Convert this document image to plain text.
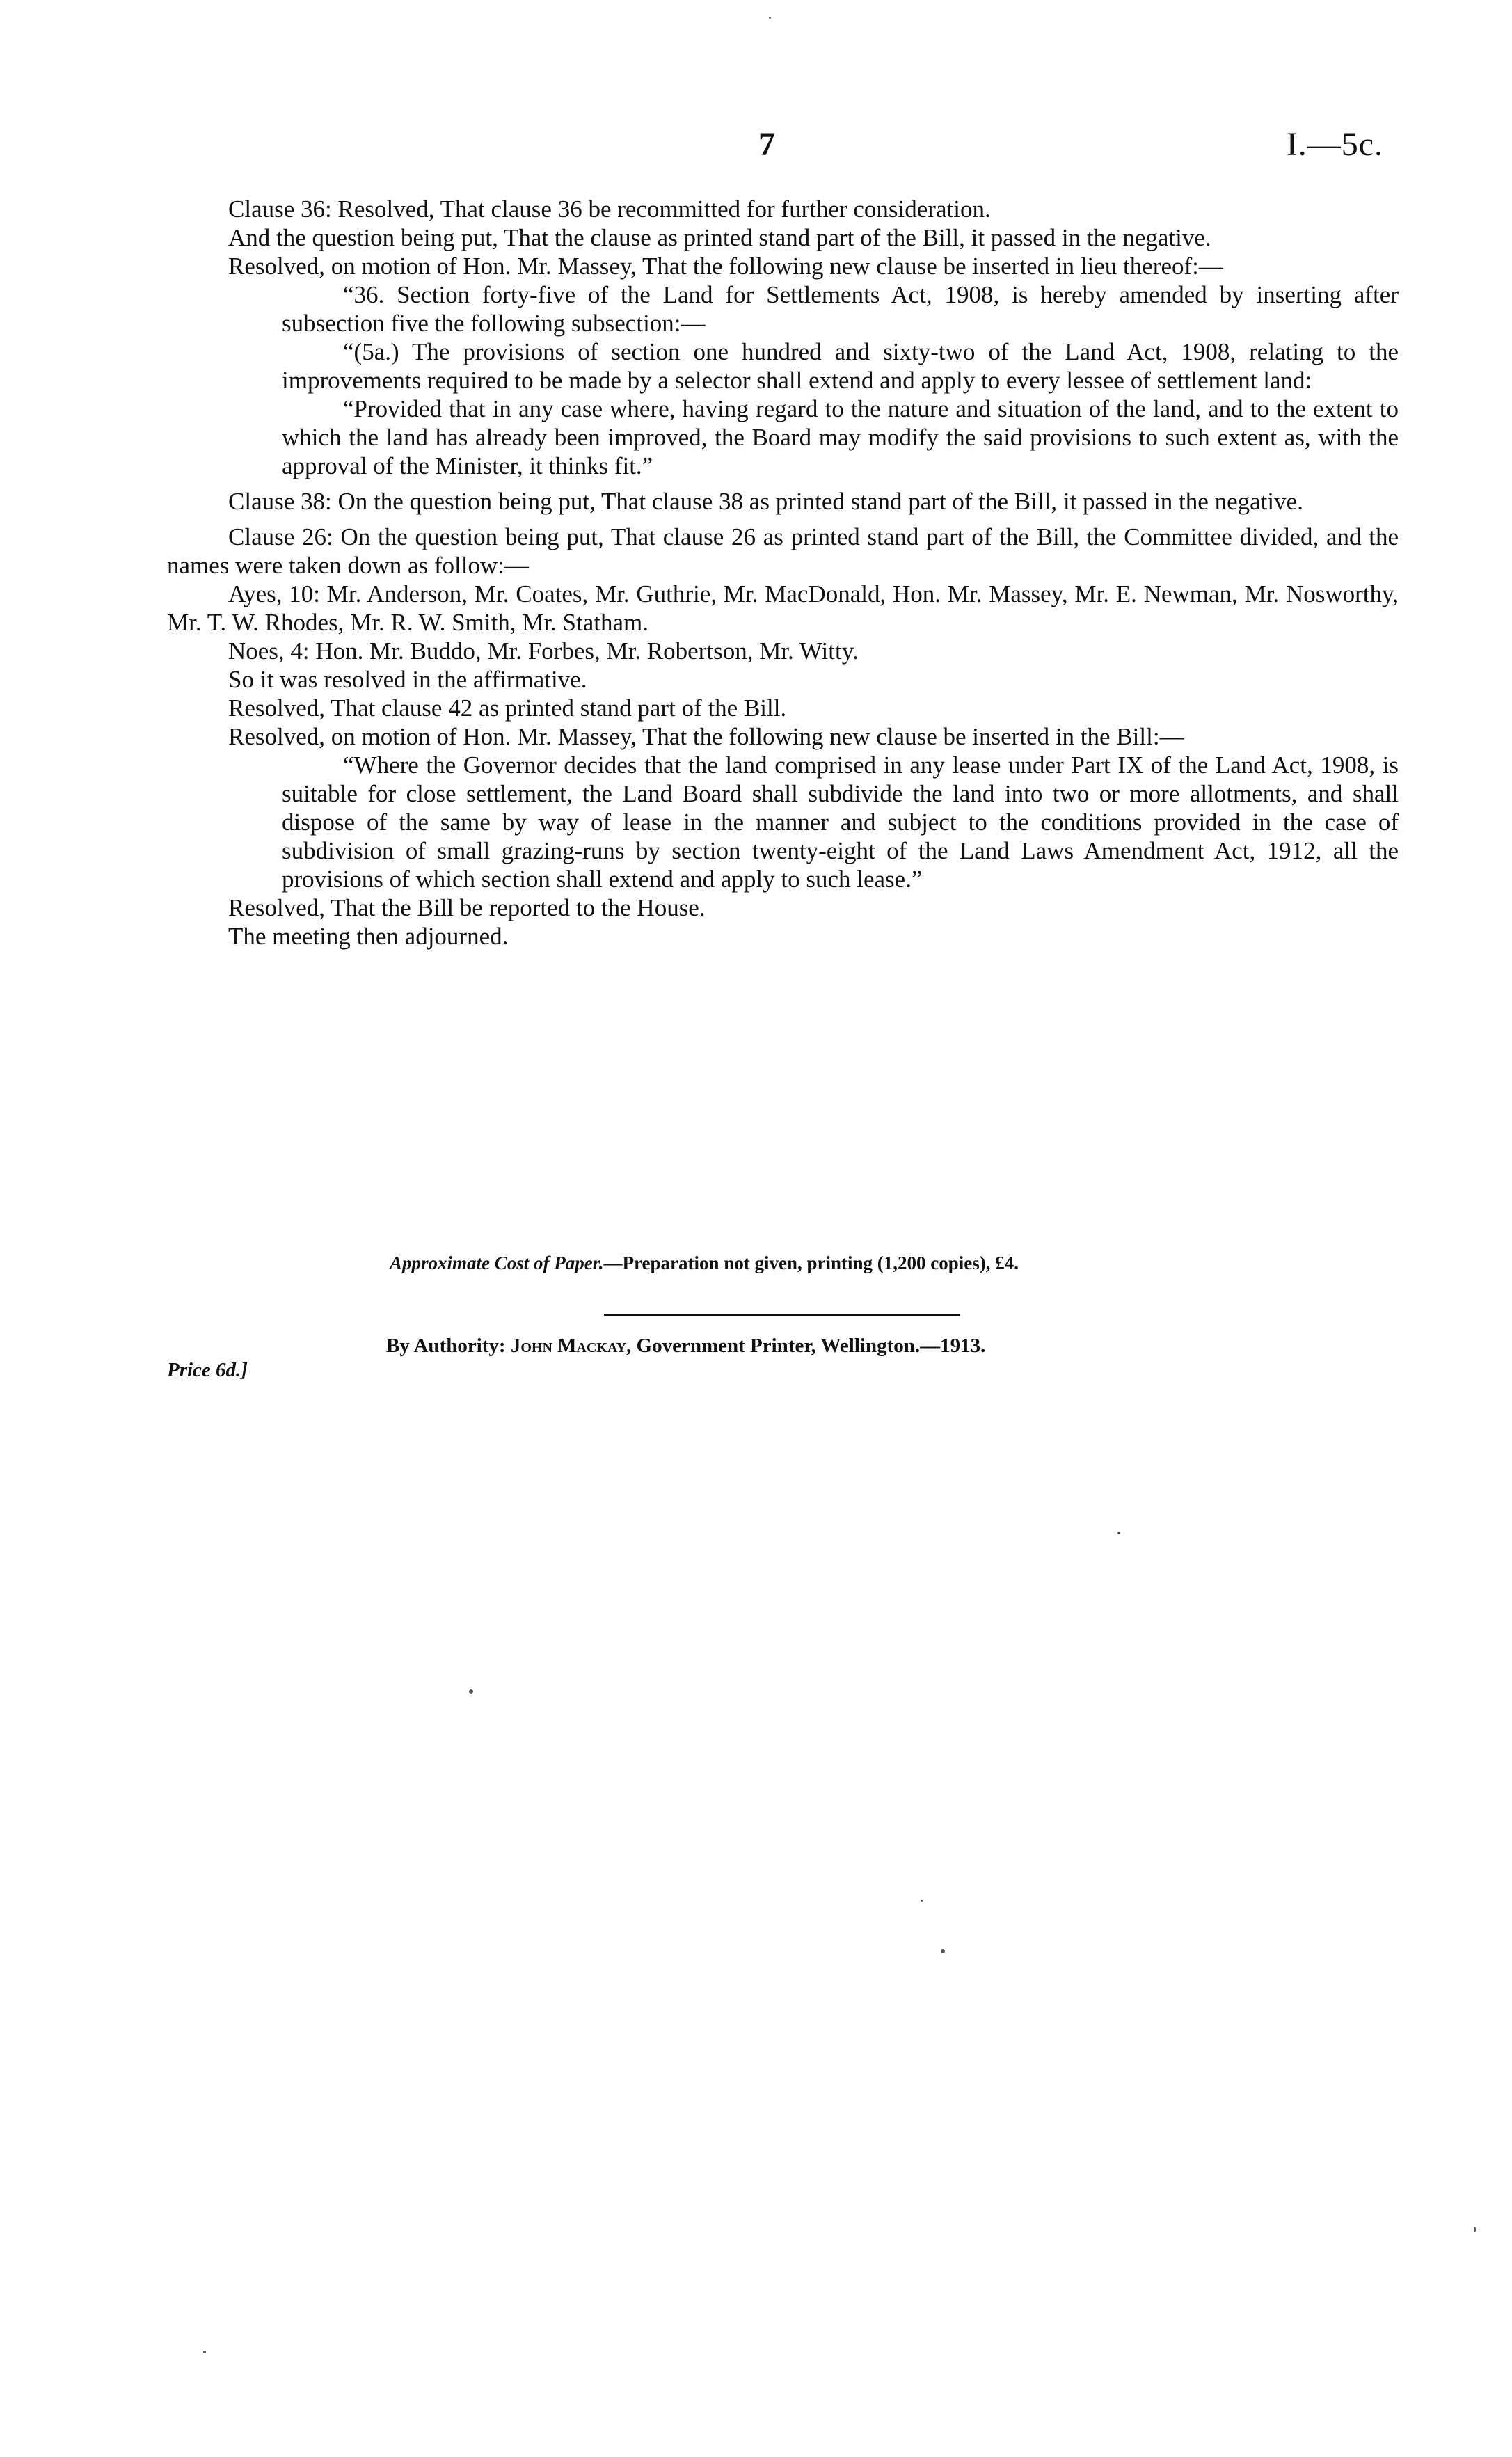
7	I.—5c.

Clause 36: Resolved, That clause 36 be recommitted for further consideration.

And the question being put, That the clause as printed stand part of the Bill, it passed in the negative.

Resolved, on motion of Hon. Mr. Massey, That the following new clause be inserted in lieu thereof:—

“36. Section forty-five of the Land for Settlements Act, 1908, is hereby amended by inserting after subsection five the following subsection:—

“(5a.) The provisions of section one hundred and sixty-two of the Land Act, 1908, relating to the improvements required to be made by a selector shall extend and apply to every lessee of settlement land:

“Provided that in any case where, having regard to the nature and situation of the land, and to the extent to which the land has already been improved, the Board may modify the said provisions to such extent as, with the approval of the Minister, it thinks fit.”

Clause 38: On the question being put, That clause 38 as printed stand part of the Bill, it passed in the negative.

Clause 26: On the question being put, That clause 26 as printed stand part of the Bill, the Committee divided, and the names were taken down as follow:—

Ayes, 10: Mr. Anderson, Mr. Coates, Mr. Guthrie, Mr. MacDonald, Hon. Mr. Massey, Mr. E. Newman, Mr. Nosworthy, Mr. T. W. Rhodes, Mr. R. W. Smith, Mr. Statham.

Noes, 4: Hon. Mr. Buddo, Mr. Forbes, Mr. Robertson, Mr. Witty.

So it was resolved in the affirmative.

Resolved, That clause 42 as printed stand part of the Bill.

Resolved, on motion of Hon. Mr. Massey, That the following new clause be inserted in the Bill:—

“Where the Governor decides that the land comprised in any lease under Part IX of the Land Act, 1908, is suitable for close settlement, the Land Board shall subdivide the land into two or more allotments, and shall dispose of the same by way of lease in the manner and subject to the conditions provided in the case of subdivision of small grazing-runs by section twenty-eight of the Land Laws Amendment Act, 1912, all the provisions of which section shall extend and apply to such lease.”

Resolved, That the Bill be reported to the House.

The meeting then adjourned.

Approximate Cost of Paper.—Preparation not given, printing (1,200 copies), £4.
By Authority: John Mackay, Government Printer, Wellington.—1913.
Price 6d.]
